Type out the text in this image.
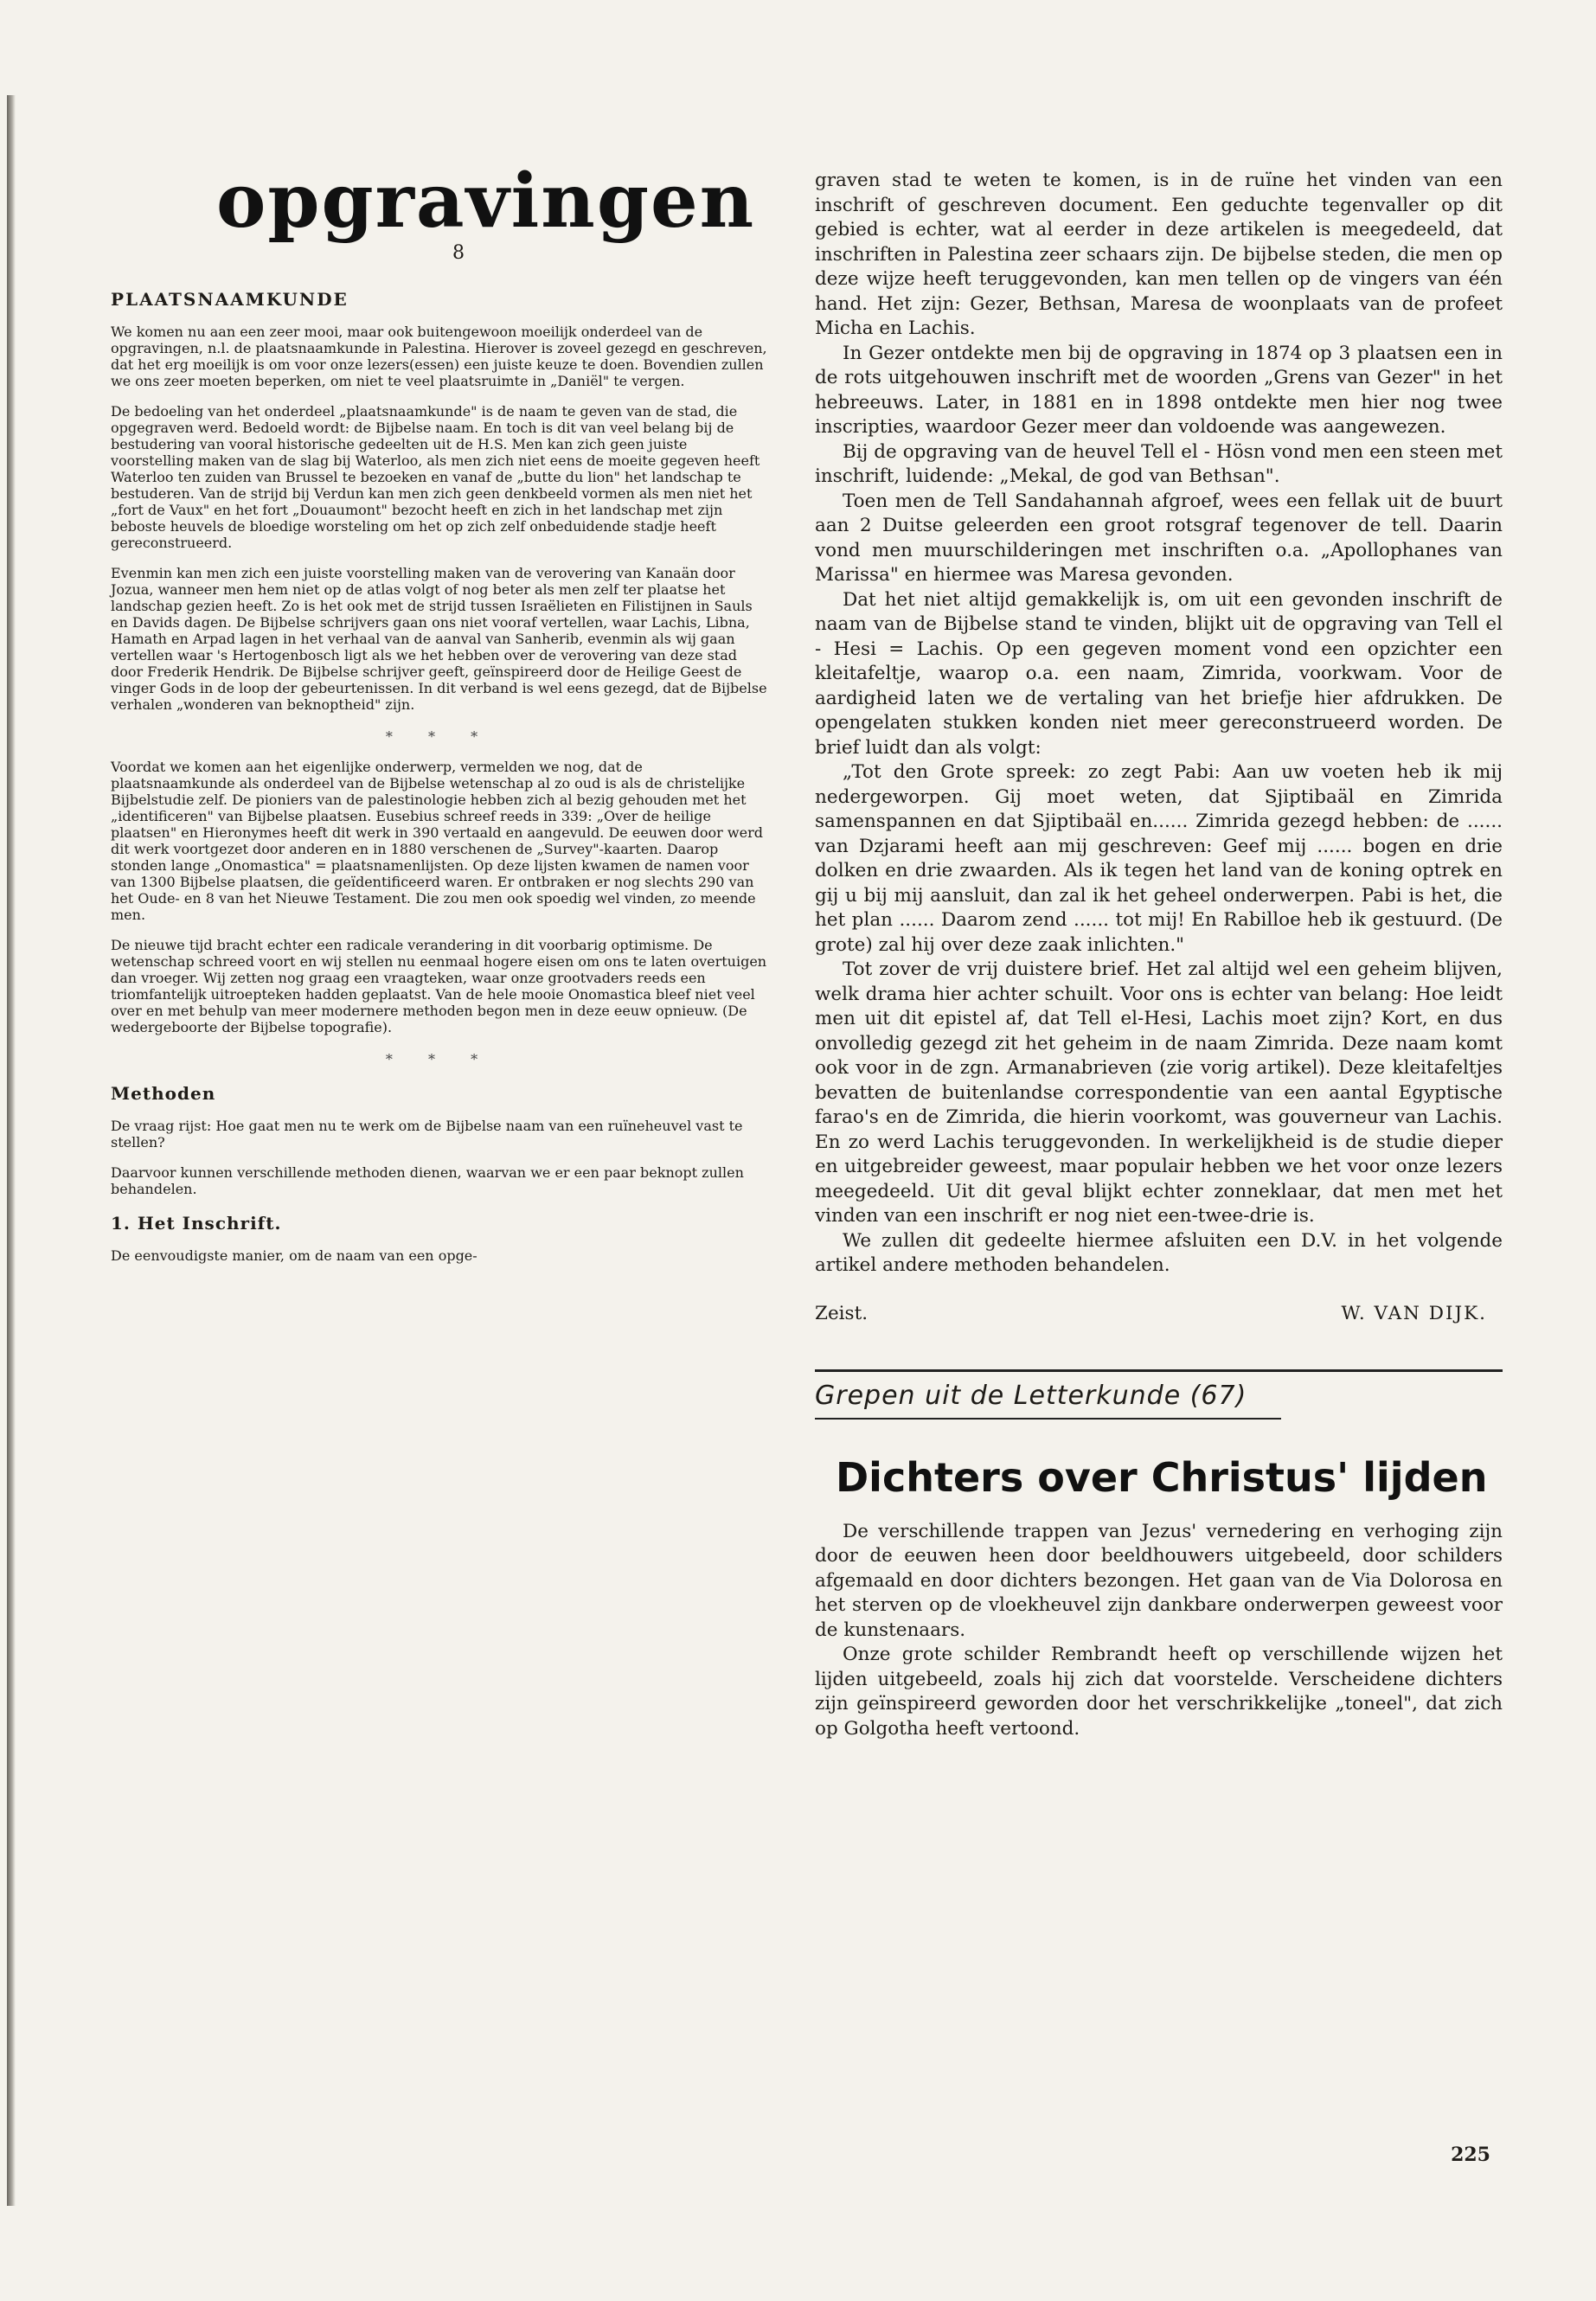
opgravingen
8
PLAATSNAAMKUNDE

We komen nu aan een zeer mooi, maar ook buitengewoon moeilijk onderdeel van de opgravingen, n.l. de plaatsnaamkunde in Palestina. Hierover is zoveel gezegd en geschreven, dat het erg moeilijk is om voor onze lezers(essen) een juiste keuze te doen. Bovendien zullen we ons zeer moeten beperken, om niet te veel plaatsruimte in „Daniël" te vergen.

De bedoeling van het onderdeel „plaatsnaamkunde" is de naam te geven van de stad, die opgegraven werd. Bedoeld wordt: de Bijbelse naam. En toch is dit van veel belang bij de bestudering van vooral historische gedeelten uit de H.S. Men kan zich geen juiste voorstelling maken van de slag bij Waterloo, als men zich niet eens de moeite gegeven heeft Waterloo ten zuiden van Brussel te bezoeken en vanaf de „butte du lion" het landschap te bestuderen. Van de strijd bij Verdun kan men zich geen denkbeeld vormen als men niet het „fort de Vaux" en het fort „Douaumont" bezocht heeft en zich in het landschap met zijn beboste heuvels de bloedige worsteling om het op zich zelf onbeduidende stadje heeft gereconstrueerd.

Evenmin kan men zich een juiste voorstelling maken van de verovering van Kanaän door Jozua, wanneer men hem niet op de atlas volgt of nog beter als men zelf ter plaatse het landschap gezien heeft. Zo is het ook met de strijd tussen Israëlieten en Filistijnen in Sauls en Davids dagen. De Bijbelse schrijvers gaan ons niet vooraf vertellen, waar Lachis, Libna, Hamath en Arpad lagen in het verhaal van de aanval van Sanherib, evenmin als wij gaan vertellen waar 's Hertogenbosch ligt als we het hebben over de verovering van deze stad door Frederik Hendrik. De Bijbelse schrijver geeft, geïnspireerd door de Heilige Geest de vinger Gods in de loop der gebeurtenissen. In dit verband is wel eens gezegd, dat de Bijbelse verhalen „wonderen van beknoptheid" zijn.

* * *

Voordat we komen aan het eigenlijke onderwerp, vermelden we nog, dat de plaatsnaamkunde als onderdeel van de Bijbelse wetenschap al zo oud is als de christelijke Bijbelstudie zelf. De pioniers van de palestinologie hebben zich al bezig gehouden met het „identificeren" van Bijbelse plaatsen. Eusebius schreef reeds in 339: „Over de heilige plaatsen" en Hieronymes heeft dit werk in 390 vertaald en aangevuld. De eeuwen door werd dit werk voortgezet door anderen en in 1880 verschenen de „Survey"-kaarten. Daarop stonden lange „Onomastica" = plaatsnamenlijsten. Op deze lijsten kwamen de namen voor van 1300 Bijbelse plaatsen, die geïdentificeerd waren. Er ontbraken er nog slechts 290 van het Oude- en 8 van het Nieuwe Testament. Die zou men ook spoedig wel vinden, zo meende men.

De nieuwe tijd bracht echter een radicale verandering in dit voorbarig optimisme. De wetenschap schreed voort en wij stellen nu eenmaal hogere eisen om ons te laten overtuigen dan vroeger. Wij zetten nog graag een vraagteken, waar onze grootvaders reeds een triomfantelijk uitroepteken hadden geplaatst. Van de hele mooie Onomastica bleef niet veel over en met behulp van meer modernere methoden begon men in deze eeuw opnieuw. (De wedergeboorte der Bijbelse topografie).

* * *
Methoden

De vraag rijst: Hoe gaat men nu te werk om de Bijbelse naam van een ruïneheuvel vast te stellen?

Daarvoor kunnen verschillende methoden dienen, waarvan we er een paar beknopt zullen behandelen.

1. Het Inschrift.

De eenvoudigste manier, om de naam van een opge-

graven stad te weten te komen, is in de ruïne het vinden van een inschrift of geschreven document. Een geduchte tegenvaller op dit gebied is echter, wat al eerder in deze artikelen is meegedeeld, dat inschriften in Palestina zeer schaars zijn. De bijbelse steden, die men op deze wijze heeft teruggevonden, kan men tellen op de vingers van één hand. Het zijn: Gezer, Bethsan, Maresa de woonplaats van de profeet Micha en Lachis.

In Gezer ontdekte men bij de opgraving in 1874 op 3 plaatsen een in de rots uitgehouwen inschrift met de woorden „Grens van Gezer" in het hebreeuws. Later, in 1881 en in 1898 ontdekte men hier nog twee inscripties, waardoor Gezer meer dan voldoende was aangewezen.

Bij de opgraving van de heuvel Tell el - Hösn vond men een steen met inschrift, luidende: „Mekal, de god van Bethsan".

Toen men de Tell Sandahannah afgroef, wees een fellak uit de buurt aan 2 Duitse geleerden een groot rotsgraf tegenover de tell. Daarin vond men muurschilderingen met inschriften o.a. „Apollophanes van Marissa" en hiermee was Maresa gevonden.

Dat het niet altijd gemakkelijk is, om uit een gevonden inschrift de naam van de Bijbelse stand te vinden, blijkt uit de opgraving van Tell el - Hesi = Lachis. Op een gegeven moment vond een opzichter een kleitafeltje, waarop o.a. een naam, Zimrida, voorkwam. Voor de aardigheid laten we de vertaling van het briefje hier afdrukken. De opengelaten stukken konden niet meer gereconstrueerd worden. De brief luidt dan als volgt:

„Tot den Grote spreek: zo zegt Pabi: Aan uw voeten heb ik mij nedergeworpen. Gij moet weten, dat Sjiptibaäl en Zimrida samenspannen en dat Sjiptibaäl en...... Zimrida gezegd hebben: de ...... van Dzjarami heeft aan mij geschreven: Geef mij ...... bogen en drie dolken en drie zwaarden. Als ik tegen het land van de koning optrek en gij u bij mij aansluit, dan zal ik het geheel onderwerpen. Pabi is het, die het plan ...... Daarom zend ...... tot mij! En Rabilloe heb ik gestuurd. (De grote) zal hij over deze zaak inlichten."

Tot zover de vrij duistere brief. Het zal altijd wel een geheim blijven, welk drama hier achter schuilt. Voor ons is echter van belang: Hoe leidt men uit dit epistel af, dat Tell el-Hesi, Lachis moet zijn? Kort, en dus onvolledig gezegd zit het geheim in de naam Zimrida. Deze naam komt ook voor in de zgn. Armanabrieven (zie vorig artikel). Deze kleitafeltjes bevatten de buitenlandse correspondentie van een aantal Egyptische farao's en de Zimrida, die hierin voorkomt, was gouverneur van Lachis. En zo werd Lachis teruggevonden. In werkelijkheid is de studie dieper en uitgebreider geweest, maar populair hebben we het voor onze lezers meegedeeld. Uit dit geval blijkt echter zonneklaar, dat men met het vinden van een inschrift er nog niet een-twee-drie is.

We zullen dit gedeelte hiermee afsluiten een D.V. in het volgende artikel andere methoden behandelen.

Zeist.	W. VAN DIJK.
Grepen uit de Letterkunde (67)
Dichters over Christus' lijden

De verschillende trappen van Jezus' vernedering en verhoging zijn door de eeuwen heen door beeldhouwers uitgebeeld, door schilders afgemaald en door dichters bezongen. Het gaan van de Via Dolorosa en het sterven op de vloekheuvel zijn dankbare onderwerpen geweest voor de kunstenaars.

Onze grote schilder Rembrandt heeft op verschillende wijzen het lijden uitgebeeld, zoals hij zich dat voorstelde. Verscheidene dichters zijn geïnspireerd geworden door het verschrikkelijke „toneel", dat zich op Golgotha heeft vertoond.

225
